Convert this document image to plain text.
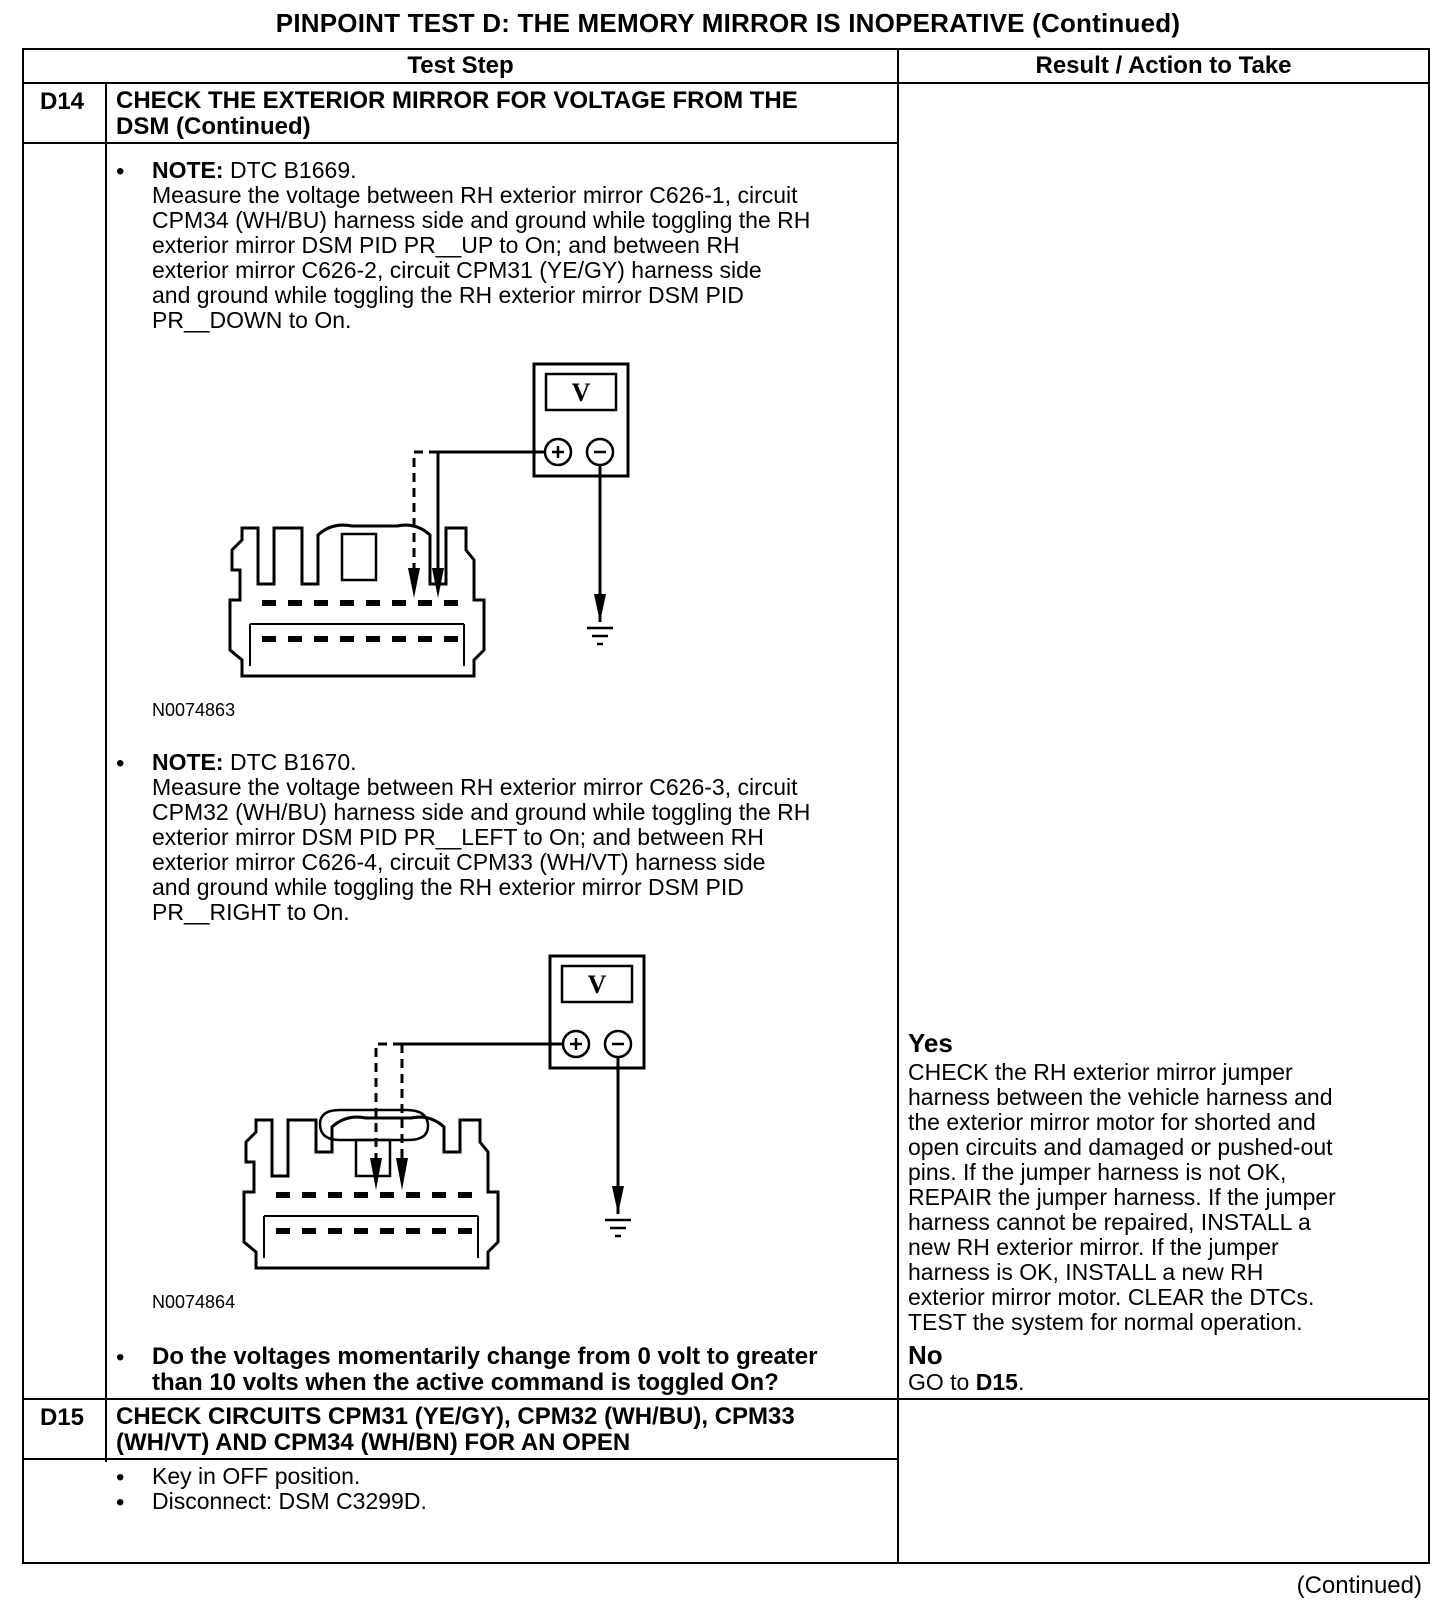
PINPOINT TEST D: THE MEMORY MIRROR IS INOPERATIVE (Continued)
Test Step	Result / Action to Take
D14 CHECK THE EXTERIOR MIRROR FOR VOLTAGE FROM THE
DSM (Continued)
• NOTE: DTC B1669.
Measure the voltage between RH exterior mirror C626-1, circuit
CPM34 (WH/BU) harness side and ground while toggling the RH
exterior mirror DSM PID PR__UP to On; and between RH
exterior mirror C626-2, circuit CPM31 (YE/GY) harness side
and ground while toggling the RH exterior mirror DSM PID
PR__DOWN to On.
V
N0074863
• NOTE: DTC B1670.
Measure the voltage between RH exterior mirror C626-3, circuit
CPM32 (WH/BU) harness side and ground while toggling the RH
exterior mirror DSM PID PR__LEFT to On; and between RH
exterior mirror C626-4, circuit CPM33 (WH/VT) harness side
and ground while toggling the RH exterior mirror DSM PID
PR__RIGHT to On.
V
N0074864
• Do the voltages momentarily change from 0 volt to greater
than 10 volts when the active command is toggled On?
Yes
CHECK the RH exterior mirror jumper
harness between the vehicle harness and
the exterior mirror motor for shorted and
open circuits and damaged or pushed-out
pins. If the jumper harness is not OK,
REPAIR the jumper harness. If the jumper
harness cannot be repaired, INSTALL a
new RH exterior mirror. If the jumper
harness is OK, INSTALL a new RH
exterior mirror motor. CLEAR the DTCs.
TEST the system for normal operation.
No
GO to D15.
D15 CHECK CIRCUITS CPM31 (YE/GY), CPM32 (WH/BU), CPM33
(WH/VT) AND CPM34 (WH/BN) FOR AN OPEN
• Key in OFF position.
• Disconnect: DSM C3299D.
(Continued)
